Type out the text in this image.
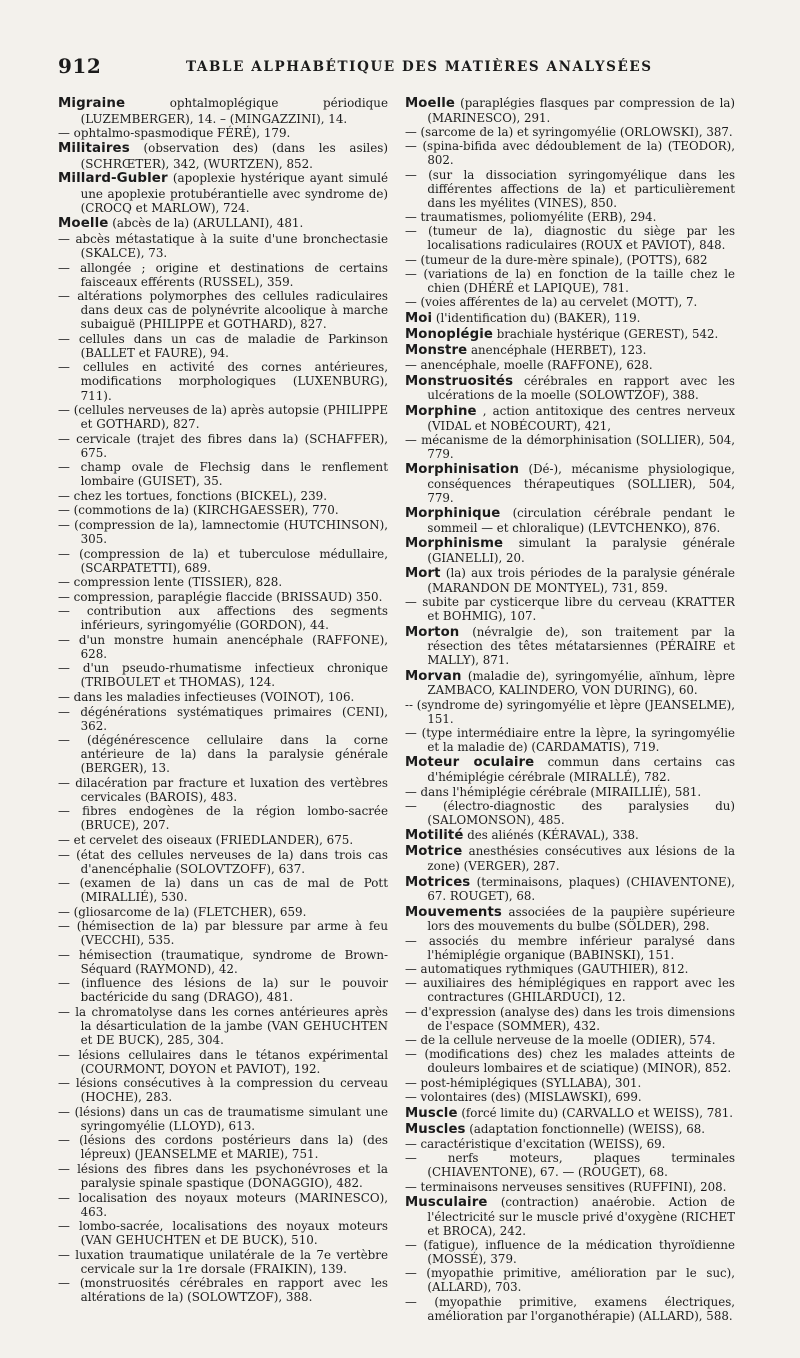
912	TABLE ALPHABÉTIQUE DES MATIÈRES ANALYSÉES
Migraine	ophtalmoplégique périodique (LUZEMBERGER), 14. – (MINGAZZINI), 14.
— ophtalmo-spasmodique FÉRÉ), 179.
Militaires (observation des) (dans les asiles) (SCHRŒTER), 342, (WURTZEN), 852.
Millard-Gubler (apoplexie hystérique ayant simulé une apoplexie protubérantielle avec syndrome de) (CROCQ et MARLOW), 724.
Moelle (abcès de la) (ARULLANI), 481.
— abcès métastatique à la suite d'une bronchectasie (SKALCE), 73.
— allongée ; origine et destinations de certains faisceaux efférents (RUSSEL), 359.
— altérations polymorphes des cellules radiculaires dans deux cas de polynévrite alcoolique à marche subaiguë (PHILIPPE et GOTHARD), 827.
— cellules dans un cas de maladie de Parkinson (BALLET et FAURE), 94.
— cellules en activité des cornes antérieures, modifications morphologiques (LUXENBURG), 711).
— (cellules nerveuses de la) après autopsie (PHILIPPE et GOTHARD), 827.
— cervicale (trajet des fibres dans la) (SCHAFFER), 675.
— champ ovale de Flechsig dans le renflement lombaire (GUISET), 35.
— chez les tortues, fonctions (BICKEL), 239.
— (commotions de la) (KIRCHGAESSER), 770.
— (compression de la), lamnectomie (HUTCHINSON), 305.
— (compression de la) et tuberculose médullaire, (SCARPATETTI), 689.
— compression lente (TISSIER), 828.
— compression, paraplégie flaccide (BRISSAUD) 350.
— contribution aux affections des segments inférieurs, syringomyélie (GORDON), 44.
— d'un monstre humain anencéphale (RAFFONE), 628.
— d'un pseudo-rhumatisme infectieux chronique (TRIBOULET et THOMAS), 124.
— dans les maladies infectieuses (VOINOT), 106.
— dégénérations systématiques primaires (CENI), 362.
— (dégénérescence cellulaire dans la corne antérieure de la) dans la paralysie générale (BERGER), 13.
— dilacération par fracture et luxation des vertèbres cervicales (BAROIS), 483.
— fibres endogènes de la région lombo-sacrée (BRUCE), 207.
— et cervelet des oiseaux (FRIEDLANDER), 675.
— (état des cellules nerveuses de la) dans trois cas d'anencéphalie (SOLOVTZOFF), 637.
— (examen de la) dans un cas de mal de Pott (MIRALLIÉ), 530.
— (gliosarcome de la) (FLETCHER), 659.
— (hémisection de la) par blessure par arme à feu (VECCHI), 535.
— hémisection (traumatique, syndrome de Brown-Séquard (RAYMOND), 42.
— (influence des lésions de la) sur le pouvoir bactéricide du sang (DRAGO), 481.
— la chromatolyse dans les cornes antérieures après la désarticulation de la jambe (VAN GEHUCHTEN et DE BUCK), 285, 304.
— lésions cellulaires dans le tétanos expérimental (COURMONT, DOYON et PAVIOT), 192.
— lésions consécutives à la compression du cerveau (HOCHE), 283.
— (lésions) dans un cas de traumatisme simulant une syringomyélie (LLOYD), 613.
— (lésions des cordons postérieurs dans la) (des lépreux) (JEANSELME et MARIE), 751.
— lésions des fibres dans les psychonévroses et la paralysie spinale spastique (DONAGGIO), 482.
— localisation des noyaux moteurs (MARINESCO), 463.
— lombo-sacrée, localisations des noyaux moteurs (VAN GEHUCHTEN et DE BUCK), 510.
— luxation traumatique unilatérale de la 7e vertèbre cervicale sur la 1re dorsale (FRAIKIN), 139.
— (monstruosités cérébrales en rapport avec les altérations de la) (SOLOWTZOF), 388.
Moelle (paraplégies flasques par compression de la) (MARINESCO), 291.
— (sarcome de la) et syringomyélie (ORLOWSKI), 387.
— (spina-bifida avec dédoublement de la) (TEODOR), 802.
— (sur la dissociation syringomyélique dans les différentes affections de la) et particulièrement dans les myélites (VINES), 850.
— traumatismes, poliomyélite (ERB), 294.
— (tumeur de la), diagnostic du siège par les localisations radiculaires (ROUX et PAVIOT), 848.
— (tumeur de la dure-mère spinale), (POTTS), 682
— (variations de la) en fonction de la taille chez le chien (DHÉRÉ et LAPIQUE), 781.
— (voies afférentes de la) au cervelet (MOTT), 7.
Moi (l'identification du) (BAKER), 119.
Monoplégie brachiale hystérique (GEREST), 542.
Monstre anencéphale (HERBET), 123.
— anencéphale, moelle (RAFFONE), 628.
Monstruosités cérébrales en rapport avec les ulcérations de la moelle (SOLOWTZOF), 388.
Morphine , action antitoxique des centres nerveux (VIDAL et NOBÉCOURT), 421,
— mécanisme de la démorphinisation (SOLLIER), 504, 779.
Morphinisation (Dé-), mécanisme physiologique, conséquences thérapeutiques (SOLLIER), 504, 779.
Morphinique (circulation cérébrale pendant le sommeil — et chloralique) (LEVTCHENKO), 876.
Morphinisme simulant la paralysie générale (GIANELLI), 20.
Mort (la) aux trois périodes de la paralysie générale (MARANDON DE MONTYEL), 731, 859.
— subite par cysticerque libre du cerveau (KRATTER et BOHMIG), 107.
Morton (névralgie de), son traitement par la résection des têtes métatarsiennes (PÉRAIRE et MALLY), 871.
Morvan (maladie de), syringomyélie, aïnhum, lèpre ZAMBACO, KALINDERO, VON DURING), 60.
-- (syndrome de) syringomyélie et lèpre (JEANSELME), 151.
— (type intermédiaire entre la lèpre, la syringomyélie et la maladie de) (CARDAMATIS), 719.
Moteur oculaire commun dans certains cas d'hémiplégie cérébrale (MIRALLÉ), 782.
— dans l'hémiplégie cérébrale (MIRAILLIÉ), 581.
— (électro-diagnostic des paralysies du) (SALOMONSON), 485.
Motilité des aliénés (KÉRAVAL), 338.
Motrice anesthésies consécutives aux lésions de la zone) (VERGER), 287.
Motrices (terminaisons, plaques) (CHIAVENTONE), 67. ROUGET), 68.
Mouvements associées de la paupière supérieure lors des mouvements du bulbe (SÖLDER), 298.
— associés du membre inférieur paralysé dans l'hémiplégie organique (BABINSKI), 151.
— automatiques rythmiques (GAUTHIER), 812.
— auxiliaires des hémiplégiques en rapport avec les contractures (GHILARDUCI), 12.
— d'expression (analyse des) dans les trois dimensions de l'espace (SOMMER), 432.
— de la cellule nerveuse de la moelle (ODIER), 574.
— (modifications des) chez les malades atteints de douleurs lombaires et de sciatique) (MINOR), 852.
— post-hémiplégiques (SYLLABA), 301.
— volontaires (des) (MISLAWSKI), 699.
Muscle (forcé limite du) (CARVALLO et WEISS), 781.
Muscles (adaptation fonctionnelle) (WEISS), 68.
— caractéristique d'excitation (WEISS), 69.
— nerfs moteurs, plaques terminales (CHIAVENTONE), 67. — (ROUGET), 68.
— terminaisons nerveuses sensitives (RUFFINI), 208.
Musculaire (contraction) anaérobie. Action de l'électricité sur le muscle privé d'oxygène (RICHET et BROCA), 242.
— (fatigue), influence de la médication thyroïdienne (MOSSÉ), 379.
— (myopathie primitive, amélioration par le suc), (ALLARD), 703.
— (myopathie primitive, examens électriques, amélioration par l'organothérapie) (ALLARD), 588.
